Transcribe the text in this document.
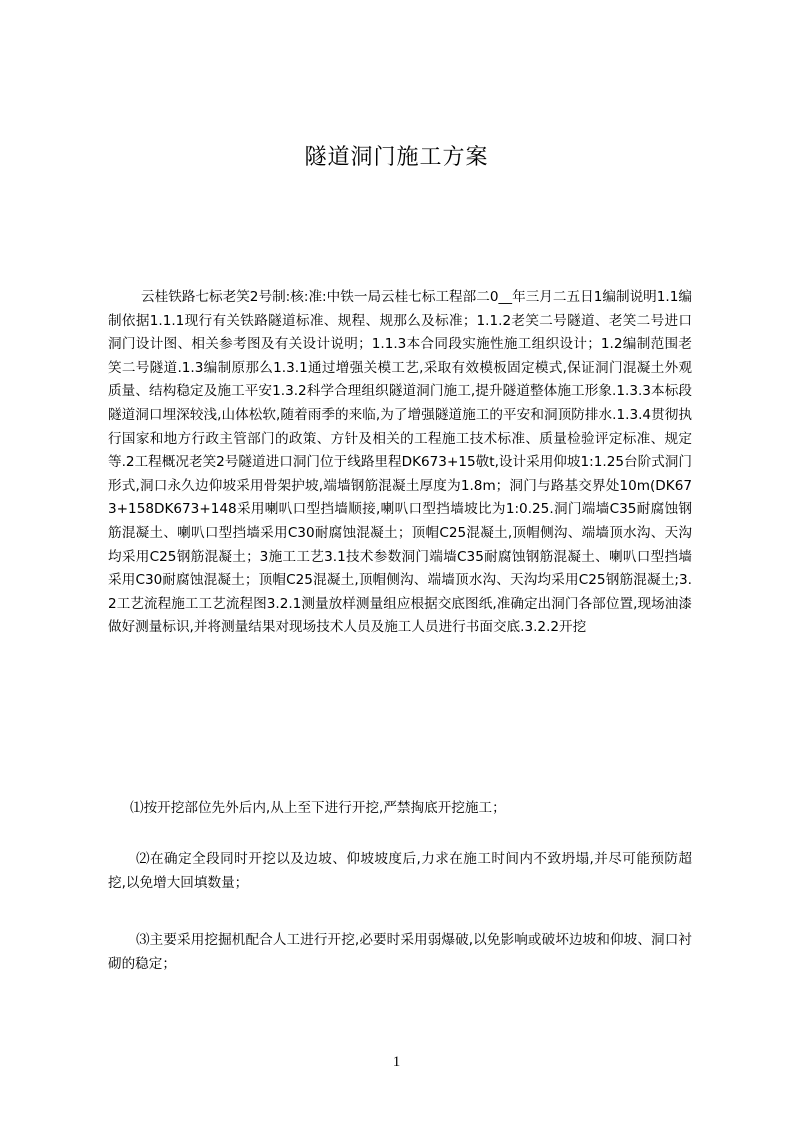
隧道洞门施工方案

云桂铁路七标老笑2号制:核:准:中铁一局云桂七标工程部二0__年三月二五日1编制说明1.1编制依据1.1.1现行有关铁路隧道标准、规程、规那么及标准；1.1.2老笑二号隧道、老笑二号进口洞门设计图、相关参考图及有关设计说明；1.1.3本合同段实施性施工组织设计；1.2编制范围老笑二号隧道.1.3编制原那么1.3.1通过增强关模工艺,采取有效模板固定模式,保证洞门混凝土外观质量、结构稳定及施工平安1.3.2科学合理组织隧道洞门施工,提升隧道整体施工形象.1.3.3本标段隧道洞口埋深较浅,山体松软,随着雨季的来临,为了增强隧道施工的平安和洞顶防排水.1.3.4贯彻执行国家和地方行政主管部门的政策、方针及相关的工程施工技术标准、质量检验评定标准、规定等.2工程概况老笑2号隧道进口洞门位于线路里程DK673+15敬t,设计采用仰坡1:1.25台阶式洞门形式,洞口永久边仰坡采用骨架护坡,端墙钢筋混凝土厚度为1.8m；洞门与路基交界处10m(DK673+158DK673+148采用喇叭口型挡墙顺接,喇叭口型挡墙坡比为1:0.25.洞门端墙C35耐腐蚀钢筋混凝土、喇叭口型挡墙采用C30耐腐蚀混凝土；顶帽C25混凝土,顶帽侧沟、端墙顶水沟、天沟均采用C25钢筋混凝土；3施工工艺3.1技术参数洞门端墙C35耐腐蚀钢筋混凝土、喇叭口型挡墙采用C30耐腐蚀混凝土；顶帽C25混凝土,顶帽侧沟、端墙顶水沟、天沟均采用C25钢筋混凝土;3.2工艺流程施工工艺流程图3.2.1测量放样测量组应根据交底图纸,准确定出洞门各部位置,现场油漆做好测量标识,并将测量结果对现场技术人员及施工人员进行书面交底.3.2.2开挖

⑴按开挖部位先外后内,从上至下进行开挖,严禁掏底开挖施工；

⑵在确定全段同时开挖以及边坡、仰坡坡度后,力求在施工时间内不致坍塌,并尽可能预防超挖,以免增大回填数量；

⑶主要采用挖掘机配合人工进行开挖,必要时采用弱爆破,以免影响或破坏边坡和仰坡、洞口衬砌的稳定；

1
